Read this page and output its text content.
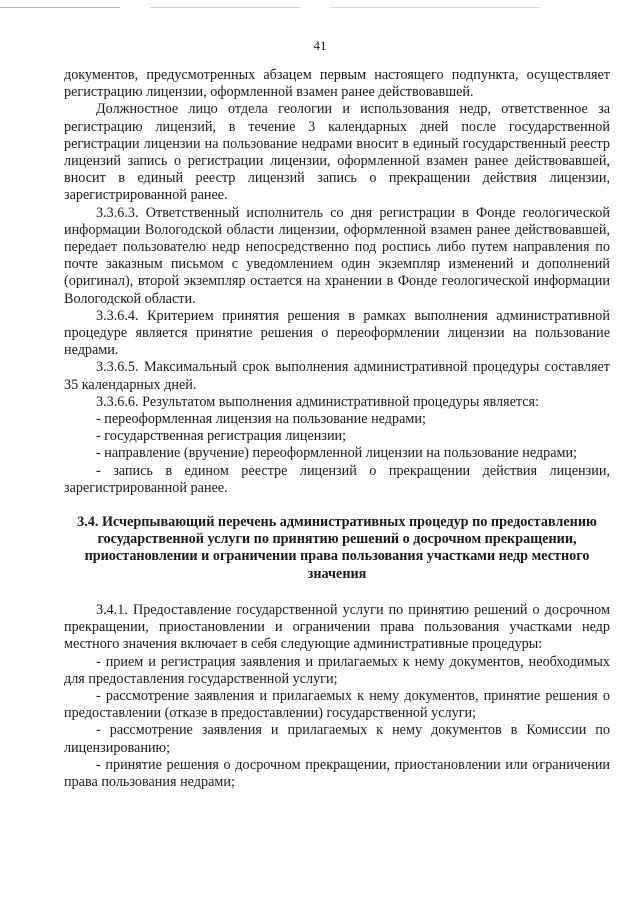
41

документов, предусмотренных абзацем первым настоящего подпункта, осуществляет регистрацию лицензии, оформленной взамен ранее действовавшей.

Должностное лицо отдела геологии и использования недр, ответственное за регистрацию лицензий, в течение 3 календарных дней после государственной регистрации лицензии на пользование недрами вносит в единый государственный реестр лицензий запись о регистрации лицензии, оформленной взамен ранее действовавшей, вносит в единый реестр лицензий запись о прекращении действия лицензии, зарегистрированной ранее.

3.3.6.3. Ответственный исполнитель со дня регистрации в Фонде геологической информации Вологодской области лицензии, оформленной взамен ранее действовавшей, передает пользователю недр непосредственно под роспись либо путем направления по почте заказным письмом с уведомлением один экземпляр изменений и дополнений (оригинал), второй экземпляр остается на хранении в Фонде геологической информации Вологодской области.

3.3.6.4. Критерием принятия решения в рамках выполнения административной процедуре является принятие решения о переоформлении лицензии на пользование недрами.

3.3.6.5. Максимальный срок выполнения административной процедуры составляет 35 календарных дней.

3.3.6.6. Результатом выполнения административной процедуры является:

- переоформленная лицензия на пользование недрами;

- государственная регистрация лицензии;

- направление (вручение) переоформленной лицензии на пользование недрами;

- запись в едином реестре лицензий о прекращении действия лицензии, зарегистрированной ранее.

3.4. Исчерпывающий перечень административных процедур по предоставлению государственной услуги по принятию решений о досрочном прекращении, приостановлении и ограничении права пользования участками недр местного значения

3.4.1. Предоставление государственной услуги по принятию решений о досрочном прекращении, приостановлении и ограничении права пользования участками недр местного значения включает в себя следующие административные процедуры:

- прием и регистрация заявления и прилагаемых к нему документов, необходимых для предоставления государственной услуги;

- рассмотрение заявления и прилагаемых к нему документов, принятие решения о предоставлении (отказе в предоставлении) государственной услуги;

- рассмотрение заявления и прилагаемых к нему документов в Комиссии по лицензированию;

- принятие решения о досрочном прекращении, приостановлении или ограничении права пользования недрами;
